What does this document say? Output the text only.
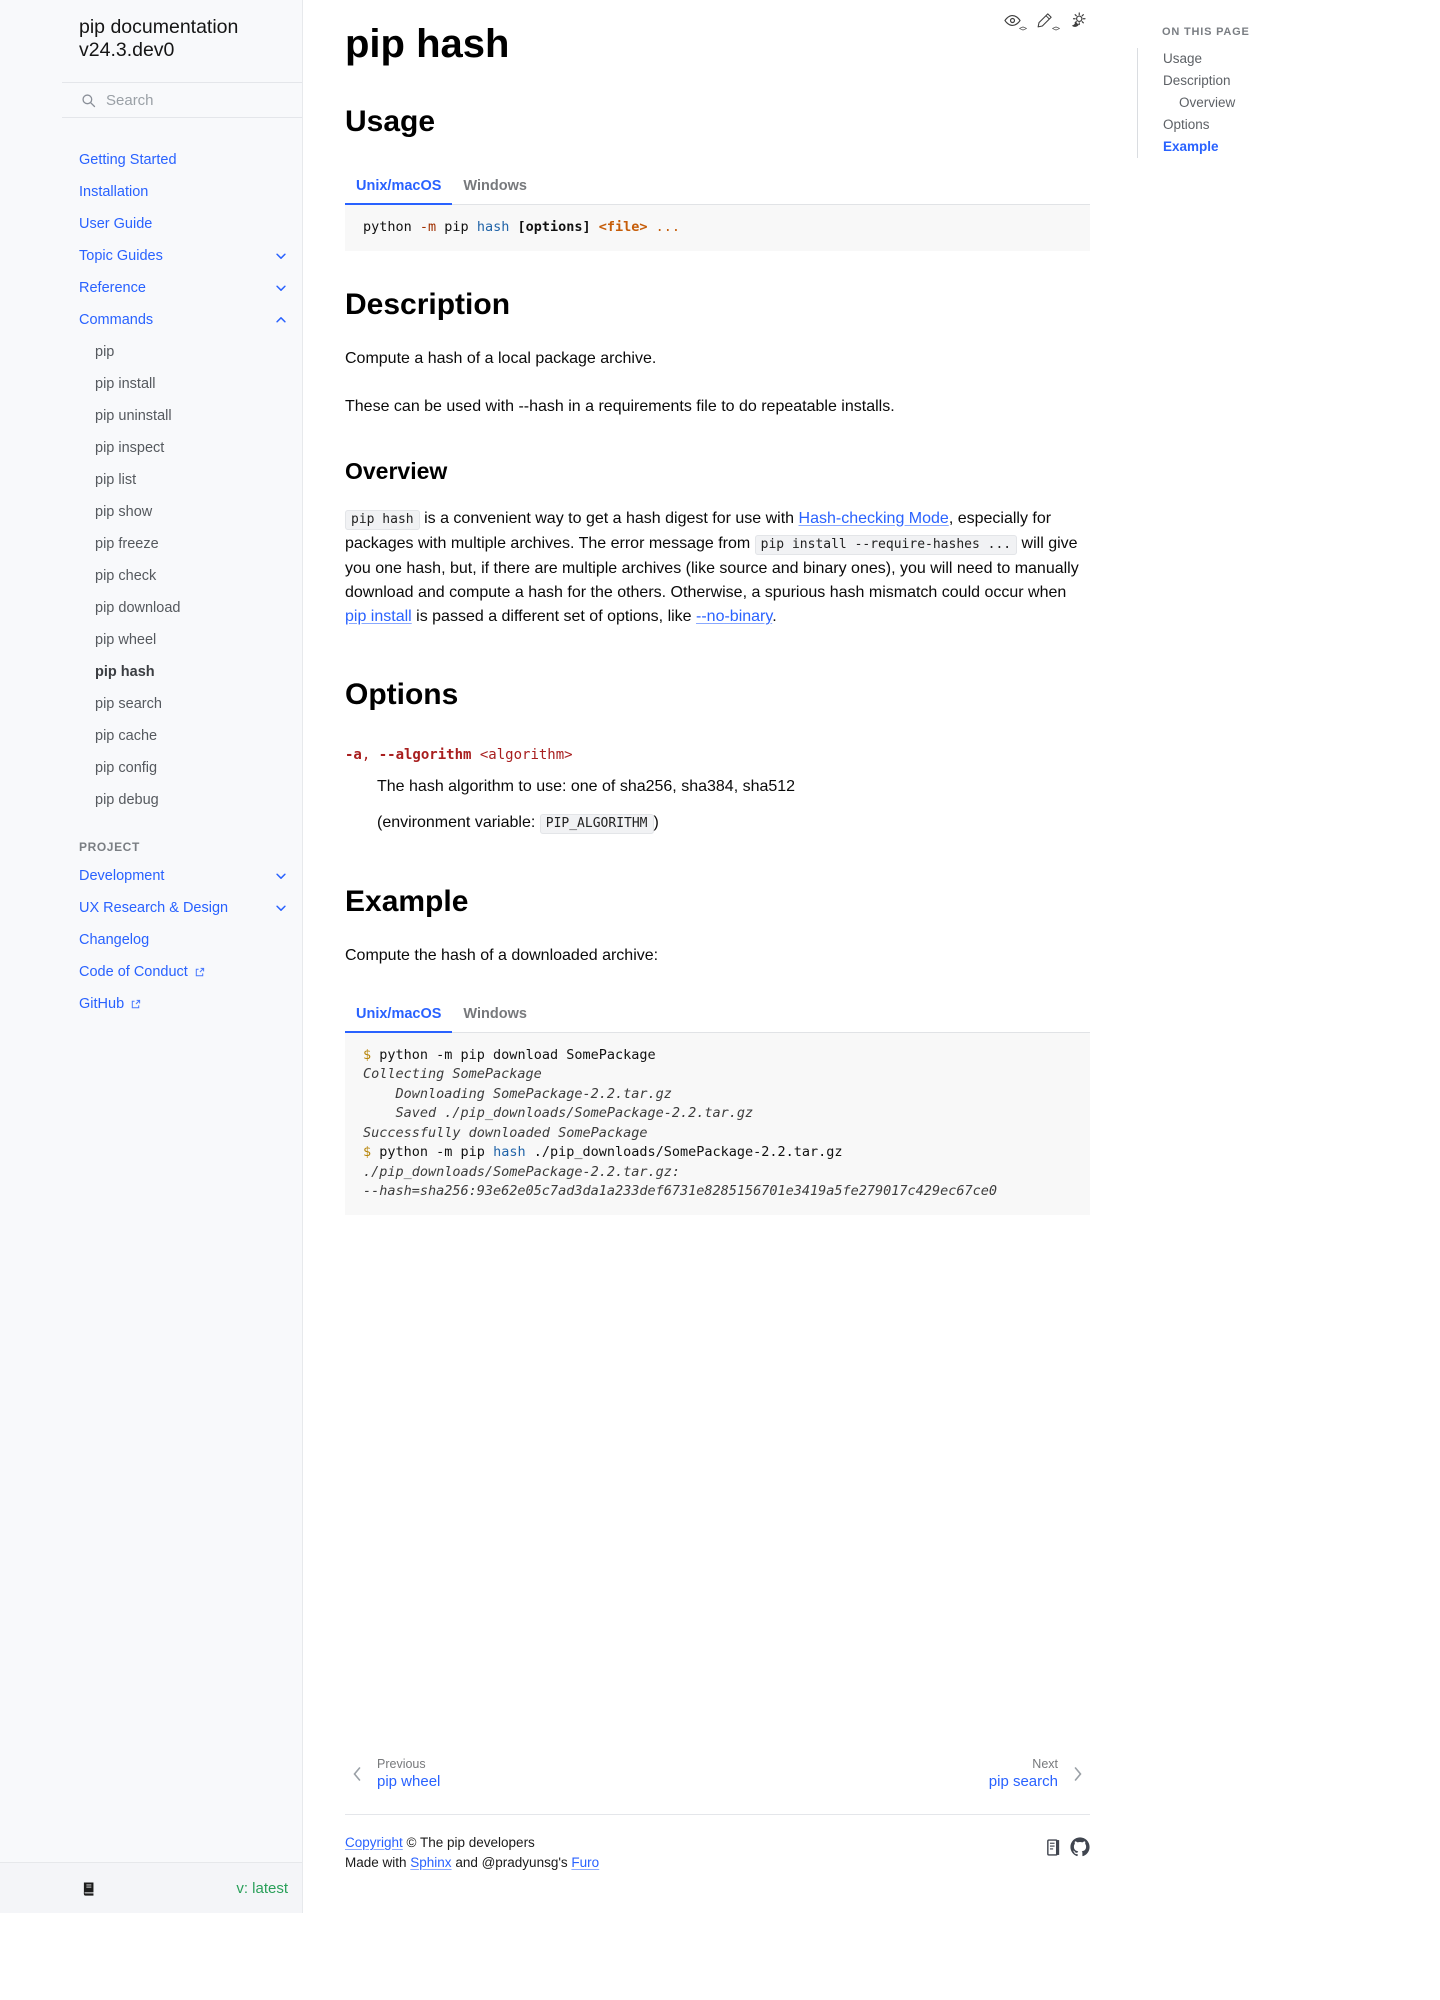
pip documentation
v24.3.dev0
Search
Getting Started
Installation
User Guide
Topic Guides
Reference
Commands
pip
pip install
pip uninstall
pip inspect
pip list
pip show
pip freeze
pip check
pip download
pip wheel
pip hash
pip search
pip cache
pip config
pip debug

PROJECT

Development
UX Research & Design
Changelog
Code of Conduct
GitHub
v: latest
pip hash	<>	<>
Usage
Unix/macOS	Windows
python -m pip hash [options] <file> ...
Description

Compute a hash of a local package archive.

These can be used with --hash in a requirements file to do repeatable installs.

Overview

pip hash is a convenient way to get a hash digest for use with Hash-checking Mode, especially for packages with multiple archives. The error message from pip install --require-hashes ... will give you one hash, but, if there are multiple archives (like source and binary ones), you will need to manually download and compute a hash for the others. Otherwise, a spurious hash mismatch could occur when pip install is passed a different set of options, like --no-binary.

Options
-a, --algorithm <algorithm>

The hash algorithm to use: one of sha256, sha384, sha512

(environment variable: PIP_ALGORITHM )

Example

Compute the hash of a downloaded archive:

Unix/macOS	Windows
$ python -m pip download SomePackage
Collecting SomePackage
Downloading SomePackage-2.2.tar.gz
Saved ./pip_downloads/SomePackage-2.2.tar.gz
Successfully downloaded SomePackage
$ python -m pip hash ./pip_downloads/SomePackage-2.2.tar.gz
./pip_downloads/SomePackage-2.2.tar.gz:
--hash=sha256:93e62e05c7ad3da1a233def6731e8285156701e3419a5fe279017c429ec67ce0
Previous
pip wheel
Next
pip search
Copyright © The pip developers
Made with Sphinx and @pradyunsg's Furo
ON THIS PAGE
Usage
Description
Overview
Options
Example
